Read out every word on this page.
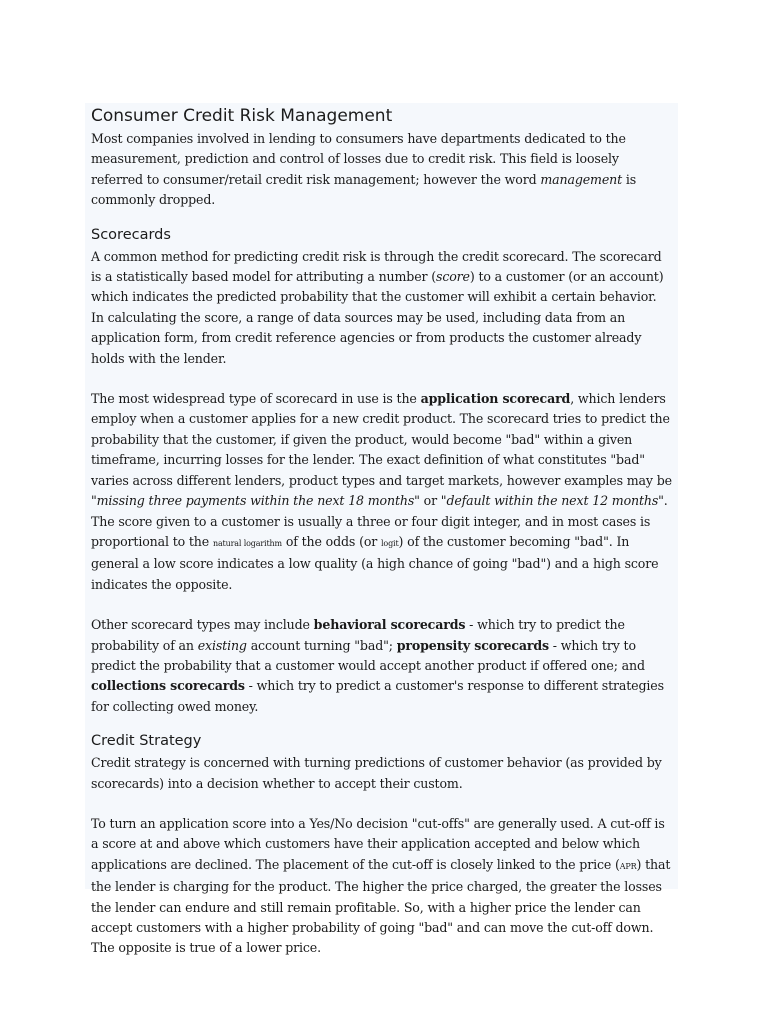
Consumer Credit Risk Management

Most companies involved in lending to consumers have departments dedicated to the measurement, prediction and control of losses due to credit risk. This field is loosely referred to consumer/retail credit risk management; however the word management is commonly dropped.

Scorecards

A common method for predicting credit risk is through the credit scorecard. The scorecard is a statistically based model for attributing a number (score) to a customer (or an account) which indicates the predicted probability that the customer will exhibit a certain behavior. In calculating the score, a range of data sources may be used, including data from an application form, from credit reference agencies or from products the customer already holds with the lender.

The most widespread type of scorecard in use is the application scorecard, which lenders employ when a customer applies for a new credit product. The scorecard tries to predict the probability that the customer, if given the product, would become "bad" within a given timeframe, incurring losses for the lender. The exact definition of what constitutes "bad" varies across different lenders, product types and target markets, however examples may be "missing three payments within the next 18 months" or "default within the next 12 months". The score given to a customer is usually a three or four digit integer, and in most cases is proportional to the natural logarithm of the odds (or logit) of the customer becoming "bad". In general a low score indicates a low quality (a high chance of going "bad") and a high score indicates the opposite.

Other scorecard types may include behavioral scorecards - which try to predict the probability of an existing account turning "bad"; propensity scorecards - which try to predict the probability that a customer would accept another product if offered one; and collections scorecards - which try to predict a customer's response to different strategies for collecting owed money.

Credit Strategy

Credit strategy is concerned with turning predictions of customer behavior (as provided by scorecards) into a decision whether to accept their custom.

To turn an application score into a Yes/No decision "cut-offs" are generally used. A cut-off is a score at and above which customers have their application accepted and below which applications are declined. The placement of the cut-off is closely linked to the price (APR) that the lender is charging for the product. The higher the price charged, the greater the losses the lender can endure and still remain profitable. So, with a higher price the lender can accept customers with a higher probability of going "bad" and can move the cut-off down. The opposite is true of a lower price.
